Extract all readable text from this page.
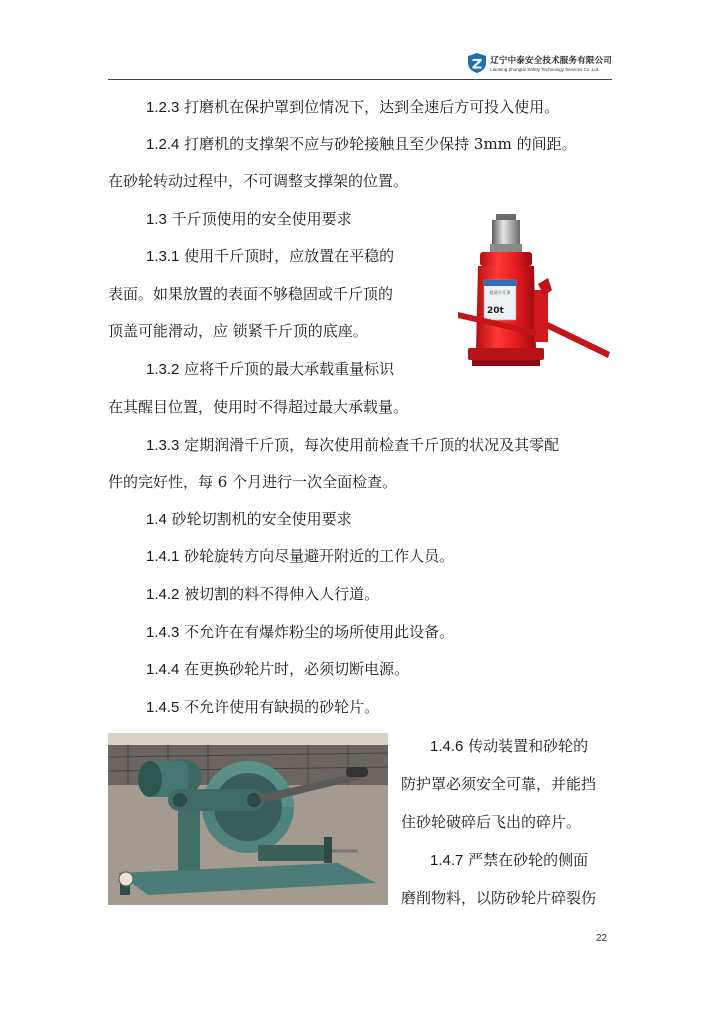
辽宁中泰安全技术服务有限公司
Liaoning Zhongtai Safety Technology Services Co.,Ltd.
1.2.3 打磨机在保护罩到位情况下，达到全速后方可投入使用。
1.2.4 打磨机的支撑架不应与砂轮接触且至少保持 3mm 的间距。
在砂轮转动过程中，不可调整支撑架的位置。
1.3 千斤顶使用的安全使用要求
1.3.1 使用千斤顶时，应放置在平稳的
表面。如果放置的表面不够稳固或千斤顶的
顶盖可能滑动，应 锁紧千斤顶的底座。
1.3.2 应将千斤顶的最大承载重量标识
在其醒目位置，使用时不得超过最大承载量。
1.3.3 定期润滑千斤顶，每次使用前检查千斤顶的状况及其零配
件的完好性，每 6 个月进行一次全面检查。
1.4 砂轮切割机的安全使用要求
1.4.1 砂轮旋转方向尽量避开附近的工作人员。
1.4.2 被切割的料不得伸入人行道。
1.4.3 不允许在有爆炸粉尘的场所使用此设备。
1.4.4 在更换砂轮片时，必须切断电源。
1.4.5 不允许使用有缺损的砂轮片。
1.4.6 传动装置和砂轮的
防护罩必须安全可靠，并能挡
住砂轮破碎后飞出的碎片。
1.4.7 严禁在砂轮的侧面
磨削物料，以防砂轮片碎裂伤
优质千斤顶
20t
22
